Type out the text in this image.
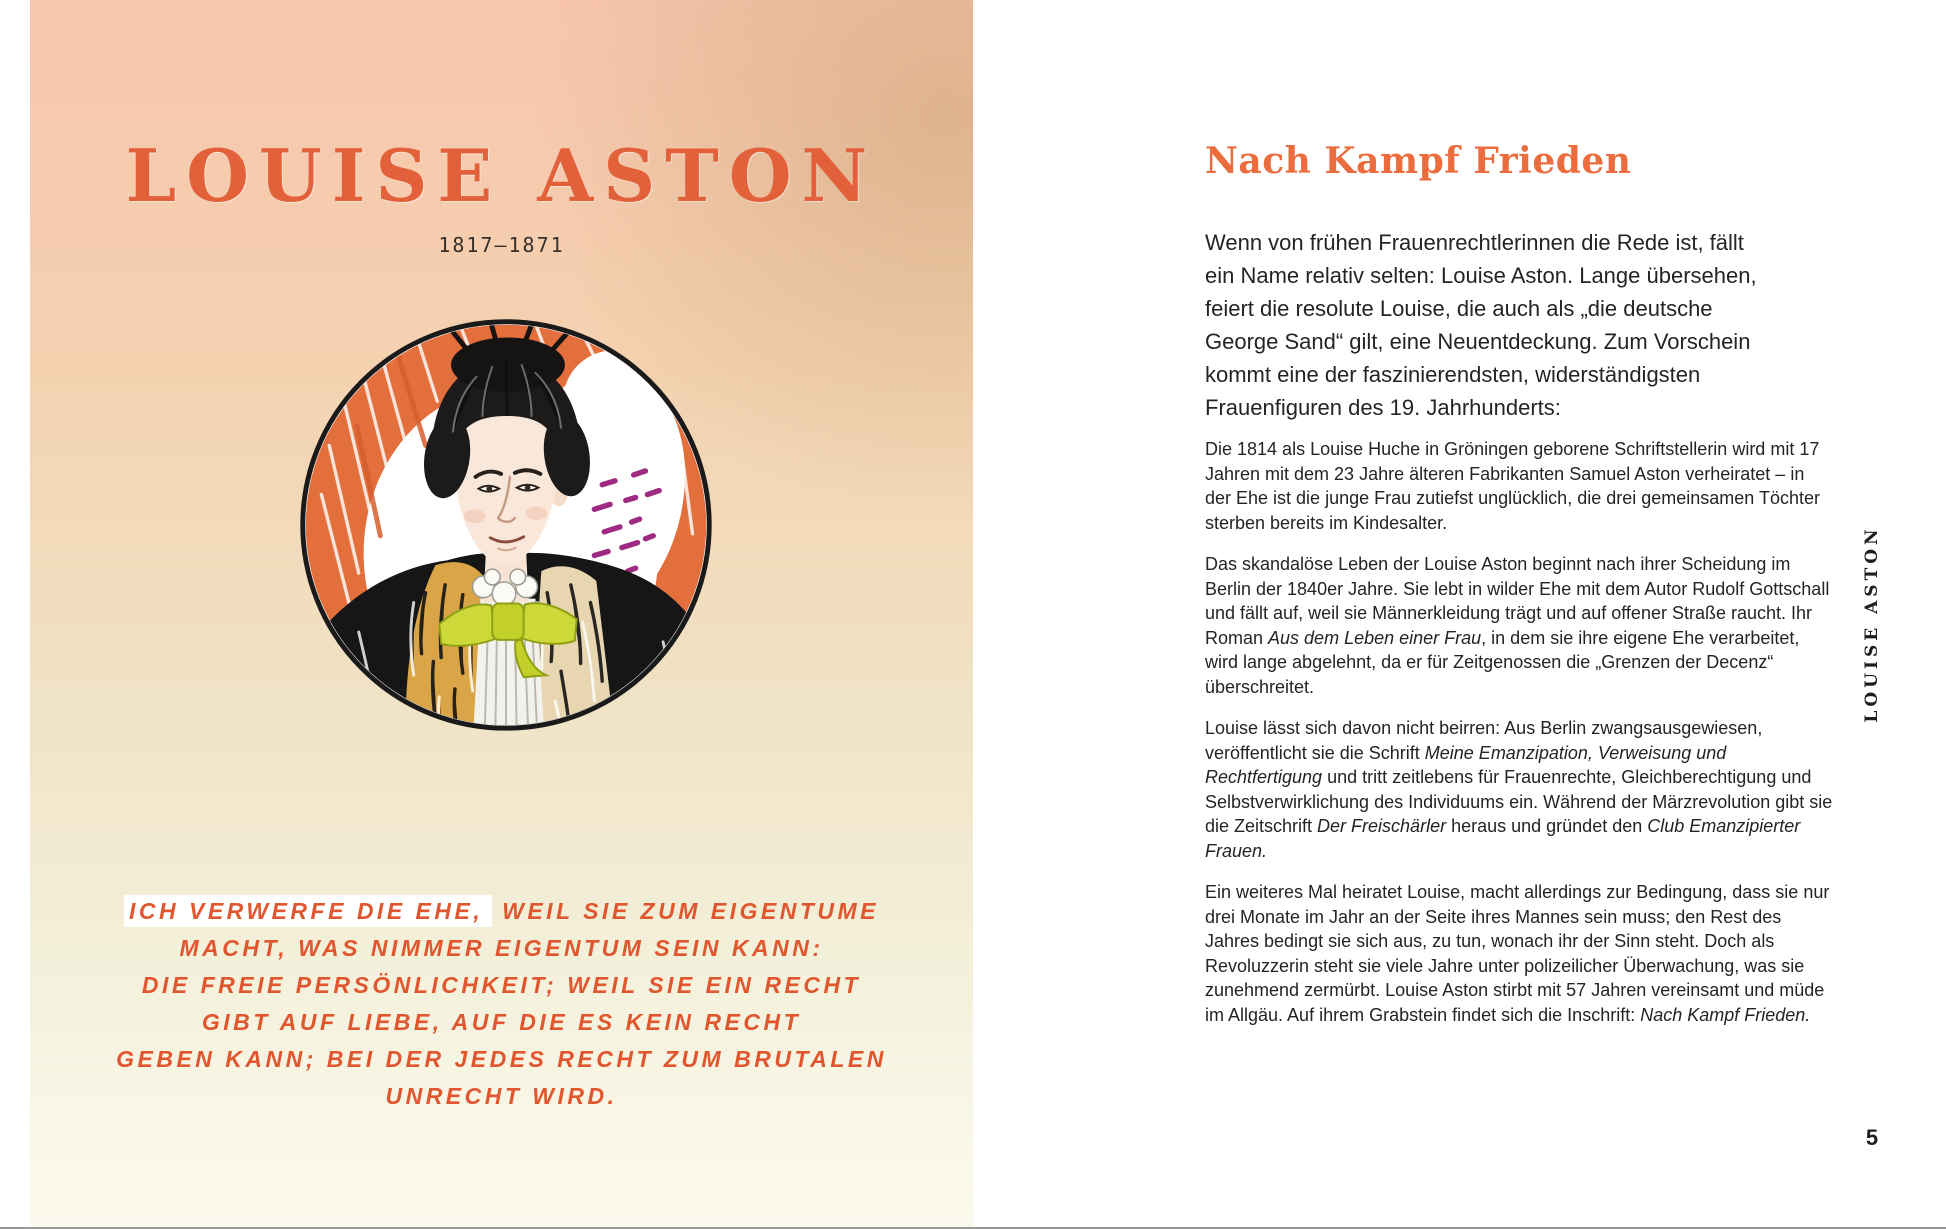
LOUISE ASTON
1817–1871
ICH VERWERFE DIE EHE, WEIL SIE ZUM EIGENTUME
MACHT, WAS NIMMER EIGENTUM SEIN KANN:
DIE FREIE PERSÖNLICHKEIT; WEIL SIE EIN RECHT
GIBT AUF LIEBE, AUF DIE ES KEIN RECHT
GEBEN KANN; BEI DER JEDES RECHT ZUM BRUTALEN
UNRECHT WIRD.
Nach Kampf Frieden

Wenn von frühen Frauenrechtlerinnen die Rede ist, fällt ein Name relativ selten: Louise Aston. Lange übersehen, feiert die resolute Louise, die auch als „die deutsche George Sand“ gilt, eine Neuentdeckung. Zum Vorschein kommt eine der faszinierendsten, widerständigsten Frauenfiguren des 19. Jahrhunderts:

Die 1814 als Louise Huche in Gröningen geborene Schriftstellerin wird mit 17 Jahren mit dem 23 Jahre älteren Fabrikanten Samuel Aston verheiratet – in der Ehe ist die junge Frau zutiefst unglücklich, die drei gemeinsamen Töchter sterben bereits im Kindesalter.

Das skandalöse Leben der Louise Aston beginnt nach ihrer Scheidung im Berlin der 1840er Jahre. Sie lebt in wilder Ehe mit dem Autor Rudolf Gottschall und fällt auf, weil sie Männerkleidung trägt und auf offener Straße raucht. Ihr Roman Aus dem Leben einer Frau, in dem sie ihre eigene Ehe verarbeitet, wird lange abgelehnt, da er für Zeitgenossen die „Grenzen der Decenz“ überschreitet.

Louise lässt sich davon nicht beirren: Aus Berlin zwangsausgewiesen, veröffentlicht sie die Schrift Meine Emanzipation, Verweisung und Rechtfertigung und tritt zeitlebens für Frauenrechte, Gleichberechtigung und Selbstverwirklichung des Individuums ein. Während der Märzrevolution gibt sie die Zeitschrift Der Freischärler heraus und gründet den Club Emanzipierter Frauen.

Ein weiteres Mal heiratet Louise, macht allerdings zur Bedingung, dass sie nur drei Monate im Jahr an der Seite ihres Mannes sein muss; den Rest des Jahres bedingt sie sich aus, zu tun, wonach ihr der Sinn steht. Doch als Revoluzzerin steht sie viele Jahre unter polizeilicher Überwachung, was sie zunehmend zermürbt. Louise Aston stirbt mit 57 Jahren vereinsamt und müde im Allgäu. Auf ihrem Grabstein findet sich die Inschrift: Nach Kampf Frieden.

LOUISE ASTON
5
